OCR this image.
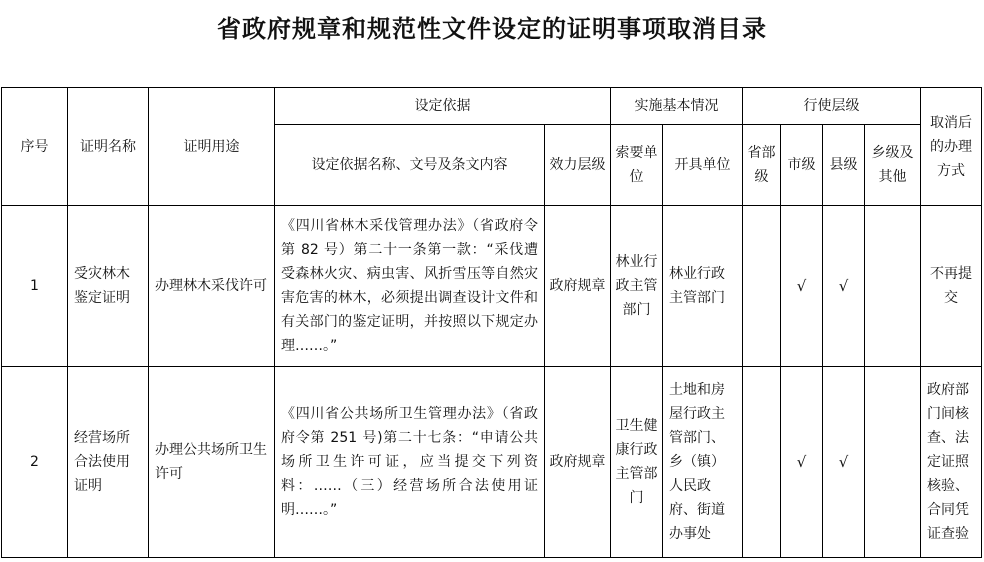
省政府规章和规范性文件设定的证明事项取消目录
序号	证明名称	证明用途	设定依据		实施基本情况		行使层级				取消后的办理方式
			设定依据名称、文号及条文内容	效力层级	索要单位	开具单位	省部级	市级	县级	乡级及其他	
1	受灾林木鉴定证明	办理林木采伐许可	《四川省林木采伐管理办法》（省政府令第 82 号）第二十一条第一款：“采伐遭受森林火灾、病虫害、风折雪压等自然灾害危害的林木，必须提出调查设计文件和有关部门的鉴定证明，并按照以下规定办理……。”	政府规章	林业行政主管部门	林业行政主管部门		√	√		不再提交
2	经营场所合法使用证明	办理公共场所卫生许可	《四川省公共场所卫生管理办法》（省政府令第 251 号)第二十七条：“申请公共场所卫生许可证，应当提交下列资料：……（三）经营场所合法使用证明……。”	政府规章	卫生健康行政主管部门	土地和房屋行政主管部门、乡（镇）人民政府、街道办事处		√	√		政府部门间核查、法定证照核验、合同凭证查验
